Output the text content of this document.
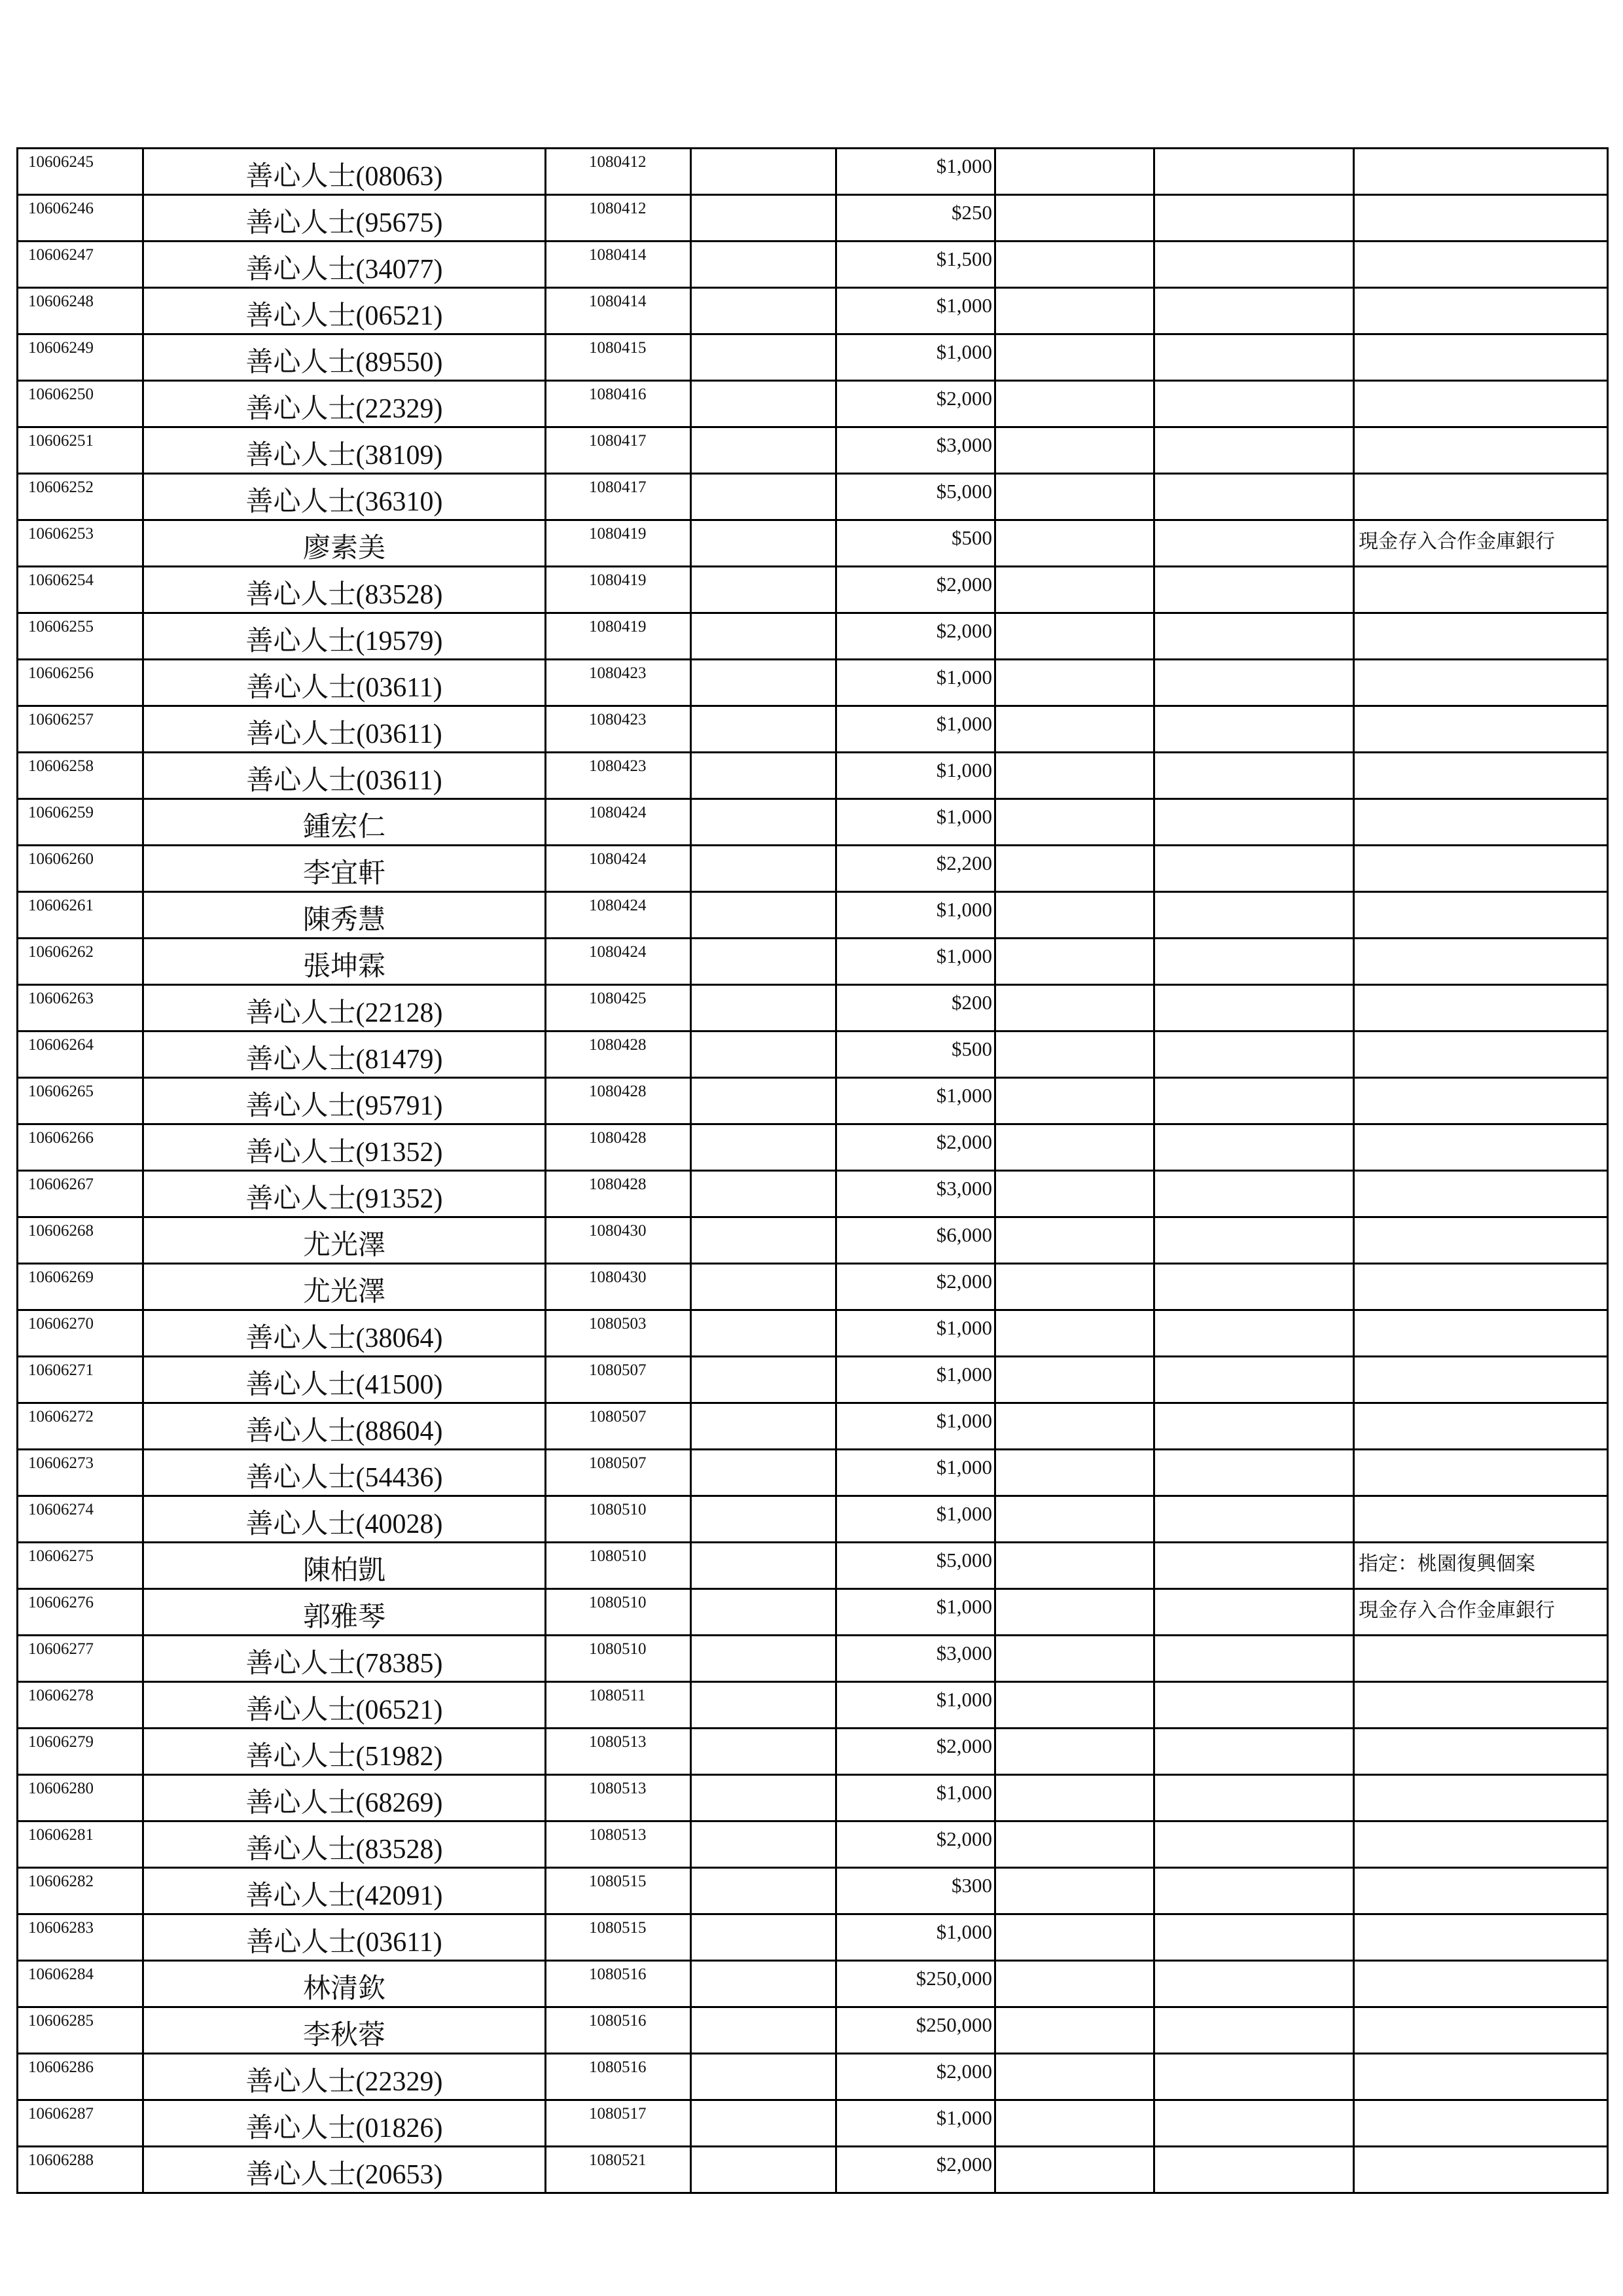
10606245	善心人士(08063)	1080412		$1,000			
10606246	善心人士(95675)	1080412		$250			
10606247	善心人士(34077)	1080414		$1,500			
10606248	善心人士(06521)	1080414		$1,000			
10606249	善心人士(89550)	1080415		$1,000			
10606250	善心人士(22329)	1080416		$2,000			
10606251	善心人士(38109)	1080417		$3,000			
10606252	善心人士(36310)	1080417		$5,000			
10606253	廖素美	1080419		$500			現金存入合作金庫銀行
10606254	善心人士(83528)	1080419		$2,000			
10606255	善心人士(19579)	1080419		$2,000			
10606256	善心人士(03611)	1080423		$1,000			
10606257	善心人士(03611)	1080423		$1,000			
10606258	善心人士(03611)	1080423		$1,000			
10606259	鍾宏仁	1080424		$1,000			
10606260	李宜軒	1080424		$2,200			
10606261	陳秀慧	1080424		$1,000			
10606262	張坤霖	1080424		$1,000			
10606263	善心人士(22128)	1080425		$200			
10606264	善心人士(81479)	1080428		$500			
10606265	善心人士(95791)	1080428		$1,000			
10606266	善心人士(91352)	1080428		$2,000			
10606267	善心人士(91352)	1080428		$3,000			
10606268	尤光澤	1080430		$6,000			
10606269	尤光澤	1080430		$2,000			
10606270	善心人士(38064)	1080503		$1,000			
10606271	善心人士(41500)	1080507		$1,000			
10606272	善心人士(88604)	1080507		$1,000			
10606273	善心人士(54436)	1080507		$1,000			
10606274	善心人士(40028)	1080510		$1,000			
10606275	陳柏凱	1080510		$5,000			指定：桃園復興個案
10606276	郭雅琴	1080510		$1,000			現金存入合作金庫銀行
10606277	善心人士(78385)	1080510		$3,000			
10606278	善心人士(06521)	1080511		$1,000			
10606279	善心人士(51982)	1080513		$2,000			
10606280	善心人士(68269)	1080513		$1,000			
10606281	善心人士(83528)	1080513		$2,000			
10606282	善心人士(42091)	1080515		$300			
10606283	善心人士(03611)	1080515		$1,000			
10606284	林清欽	1080516		$250,000			
10606285	李秋蓉	1080516		$250,000			
10606286	善心人士(22329)	1080516		$2,000			
10606287	善心人士(01826)	1080517		$1,000			
10606288	善心人士(20653)	1080521		$2,000			
